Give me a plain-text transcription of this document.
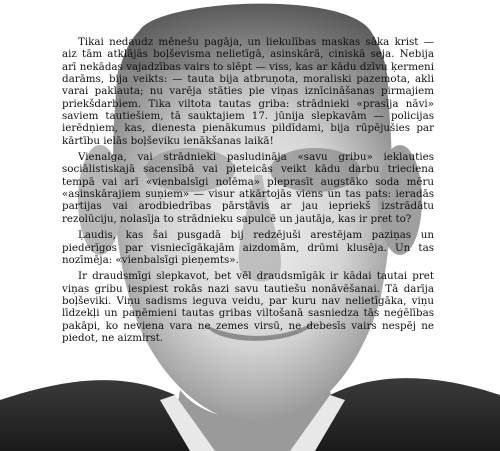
Tikai nedaudz mēnešu pagāja, un liekulības maskas sāka krist — aiz tām atklājās boļševisma nelietīgā, asinskārā, ciniskā seja. Nebija arī nekādas vajadzības vairs to slēpt — viss, kas ar kādu dzīvu ķermeni darāms, bija veikts: — tauta bija atbruņota, moraliski pazemota, akli varai paklauta; nu varēja stāties pie viņas iznīcināšanas pirmajiem priekšdarbiem. Tika viltota tautas griba: strādnieki «prasīja nāvi» saviem tautiešiem, tā sauktajiem 17. jūnija slepkavām — policijas ierēdņiem, kas, dienesta pienākumus pildīdami, bija rūpējušies par kārtību ielās boļševiku ienākšanas laikā!

Vienalga, vai strādnieki pasludināja «savu gribu» ieklauties sociālistiskajā sacensībā vai pieteicās veikt kādu darbu trieciena tempā vai arī «vienbalsīgi nolēma» pieprasīt augstāko soda mēru «asinskārajiem suņiem» — visur atkārtojās viens un tas pats: ieradās partijas vai arodbiedrības pārstāvis ar jau iepriekš izstrādātu rezolūciju, nolasīja to strādnieku sapulcē un jautāja, kas ir pret to?

Ļaudis, kas šai pusgadā bij redzējuši arestējam paziņas un piederīgos par visniecīgākajām aizdomām, drūmi klusēja. Un tas nozīmēja: «vienbalsīgi pieņemts».

Ir draudsmīgi slepkavot, bet vēl draudsmīgāk ir kādai tautai pret viņas gribu iespiest rokās nazi savu tautiešu nonāvēšanai. Tā darīja boļševiki. Viņu sadisms ieguva veidu, par kuru nav nelietīgāka, viņu līdzekļi un paņēmieni tautas gribas viltošanā sasniedza tās neģēlības pakāpi, ko neviena vara ne zemes virsū, ne debesīs vairs nespēj ne piedot, ne aizmirst.
